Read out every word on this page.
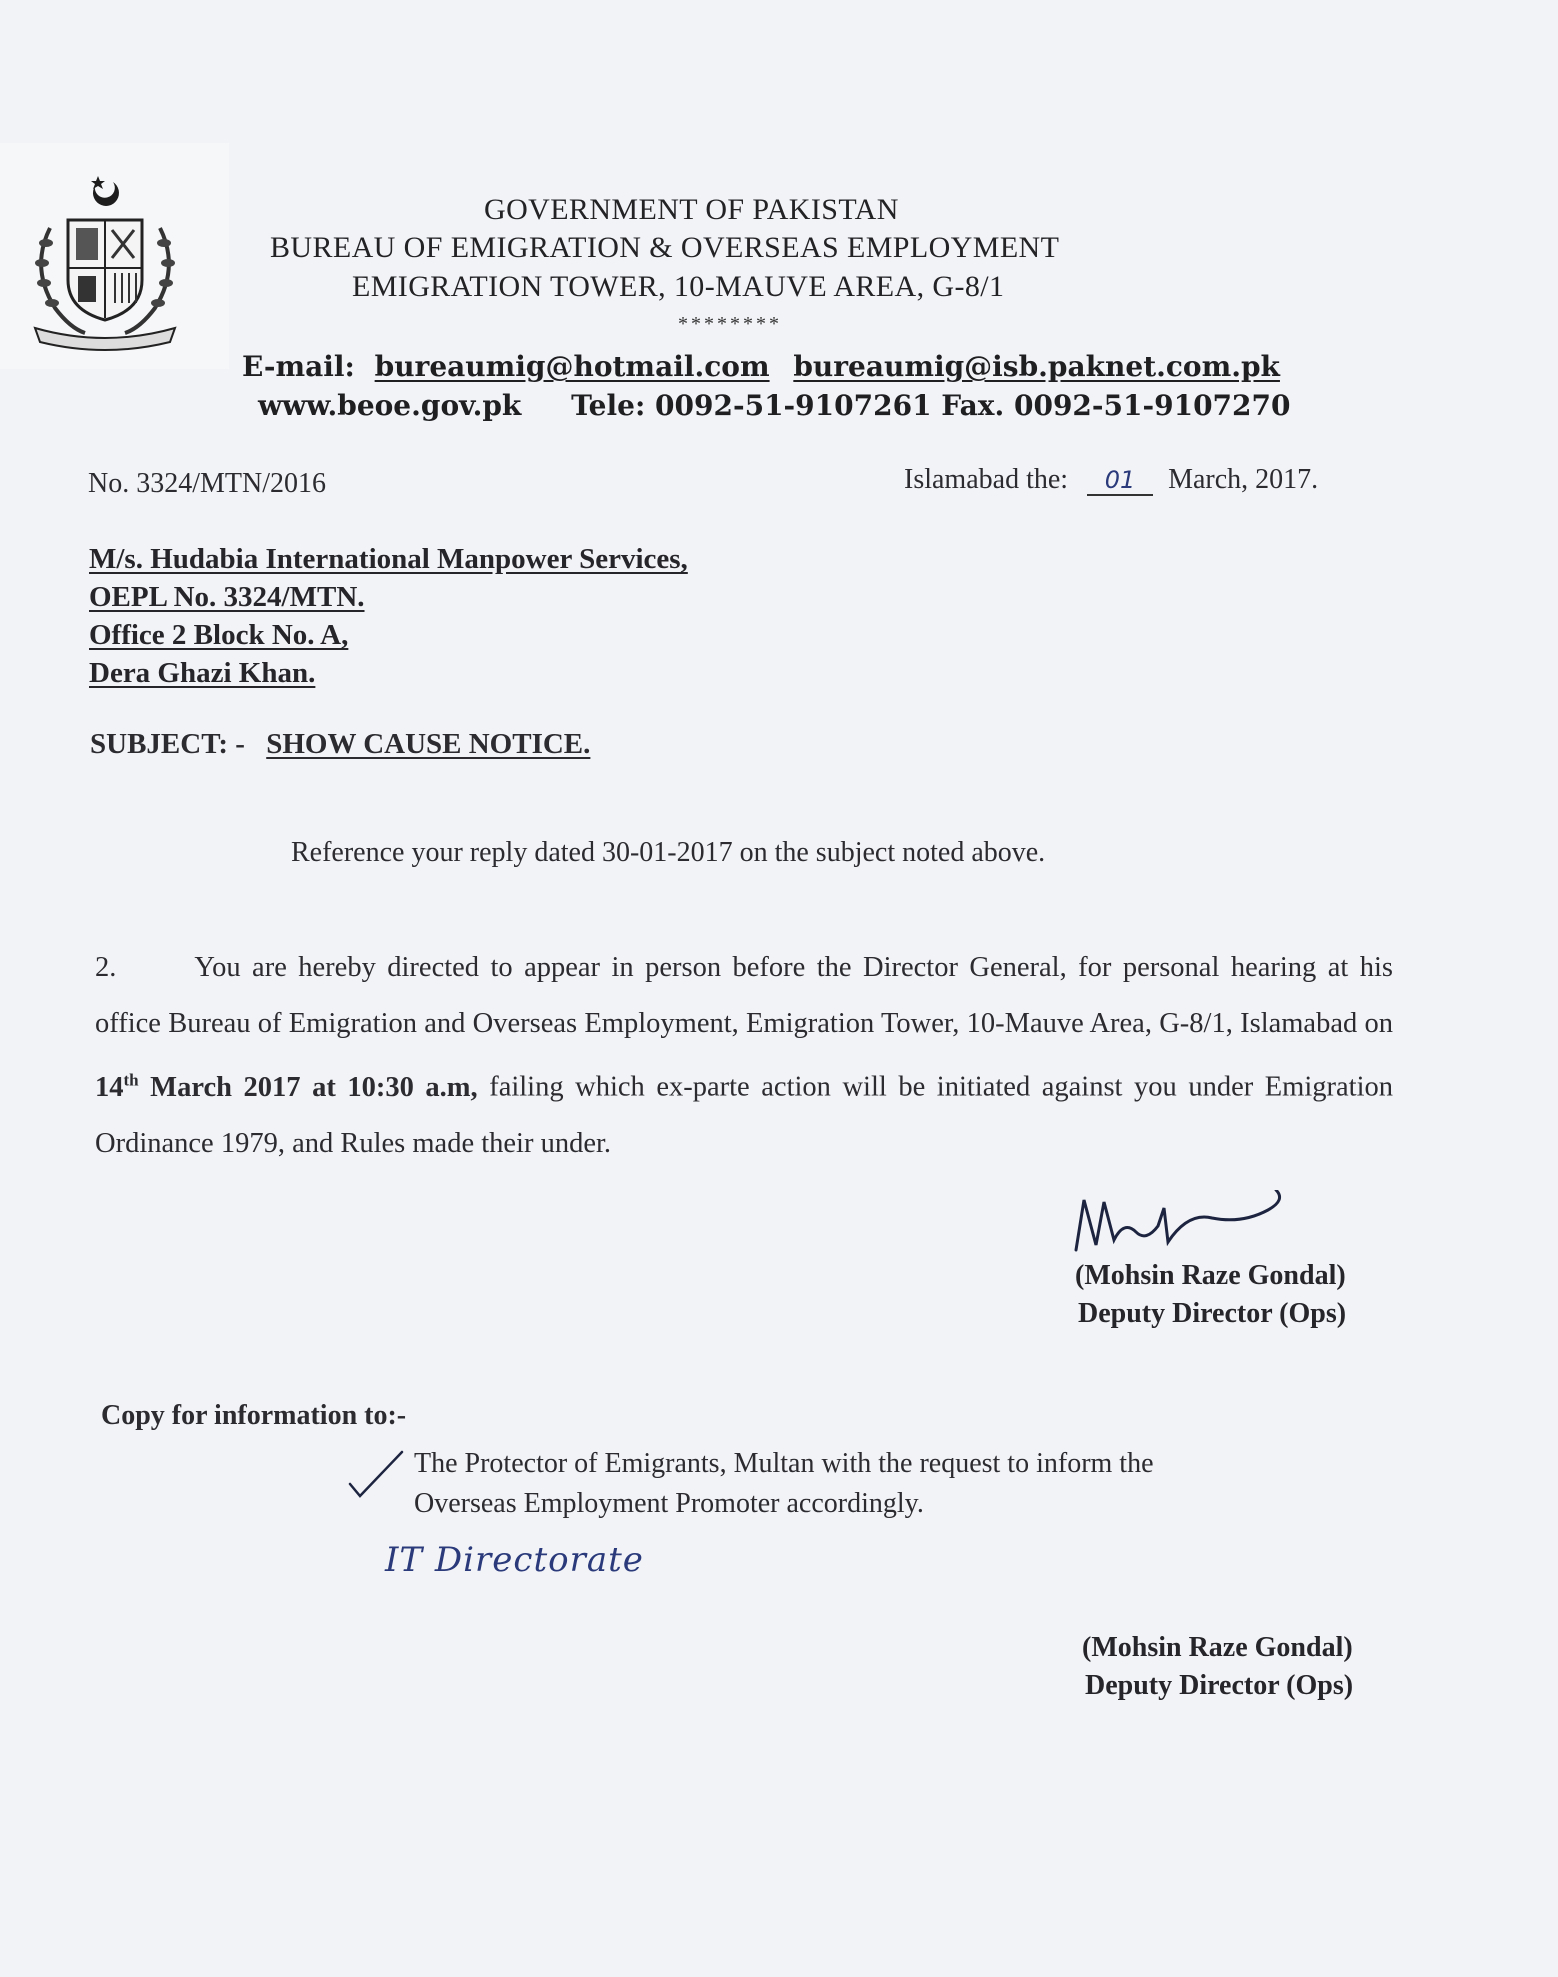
GOVERNMENT OF PAKISTAN
BUREAU OF EMIGRATION & OVERSEAS EMPLOYMENT
EMIGRATION TOWER, 10-MAUVE AREA, G-8/1
********
E-mail: bureaumig@hotmail.com bureaumig@isb.paknet.com.pk
www.beoe.gov.pk Tele: 0092-51-9107261 Fax. 0092-51-9107270
No. 3324/MTN/2016	Islamabad the: 01 March, 2017.
M/s. Hudabia International Manpower Services,
OEPL No. 3324/MTN.
Office 2 Block No. A,
Dera Ghazi Khan.
SUBJECT: - SHOW CAUSE NOTICE.
Reference your reply dated 30-01-2017 on the subject noted above.
2.	You are hereby directed to appear in person before the Director General, for personal hearing at his office Bureau of Emigration and Overseas Employment, Emigration Tower, 10-Mauve Area, G-8/1, Islamabad on 14th March 2017 at 10:30 a.m, failing which ex-parte action will be initiated against you under Emigration Ordinance 1979, and Rules made their under.
(Mohsin Raze Gondal)
Deputy Director (Ops)
Copy for information to:-
The Protector of Emigrants, Multan with the request to inform the
Overseas Employment Promoter accordingly.
IT Directorate
(Mohsin Raze Gondal)
Deputy Director (Ops)
